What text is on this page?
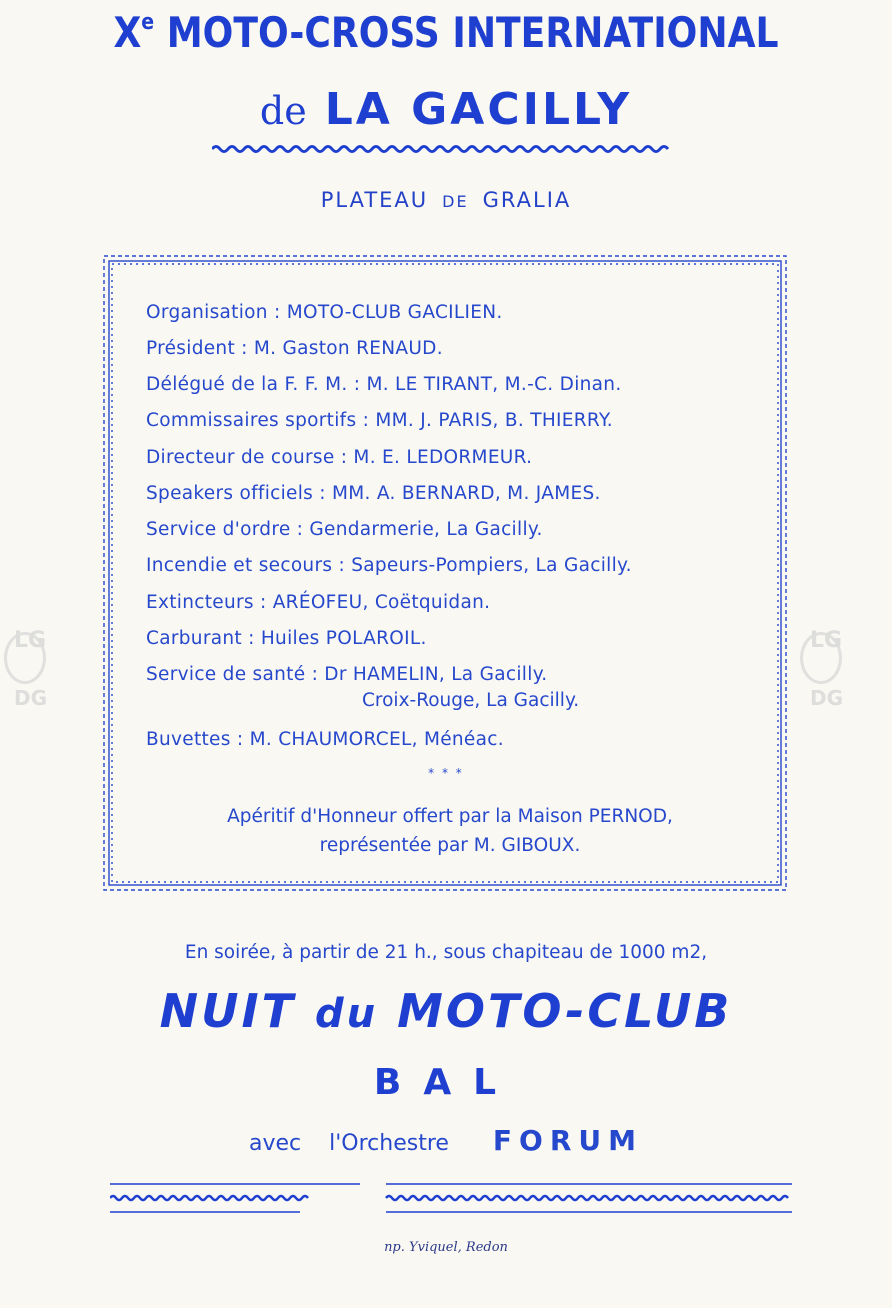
Xe MOTO-CROSS INTERNATIONAL
de LA GACILLY
PLATEAU DE GRALIA
Organisation : MOTO-CLUB GACILIEN.
Président : M. Gaston RENAUD.
Délégué de la F. F. M. : M. LE TIRANT, M.-C. Dinan.
Commissaires sportifs : MM. J. PARIS, B. THIERRY.
Directeur de course : M. E. LEDORMEUR.
Speakers officiels : MM. A. BERNARD, M. JAMES.
Service d'ordre : Gendarmerie, La Gacilly.
Incendie et secours : Sapeurs-Pompiers, La Gacilly.
Extincteurs : ARÉOFEU, Coëtquidan.
Carburant : Huiles POLAROIL.
Service de santé : Dr HAMELIN, La Gacilly.
Croix-Rouge, La Gacilly.
Buvettes : M. CHAUMORCEL, Ménéac.
* * *
Apéritif d'Honneur offert par la Maison PERNOD,
représentée par M. GIBOUX.
En soirée, à partir de 21 h., sous chapiteau de 1000 m2,
NUIT du MOTO-CLUB
BAL
avec l'Orchestre FORUM
np. Yviquel, Redon
LG
DG
LG
DG
